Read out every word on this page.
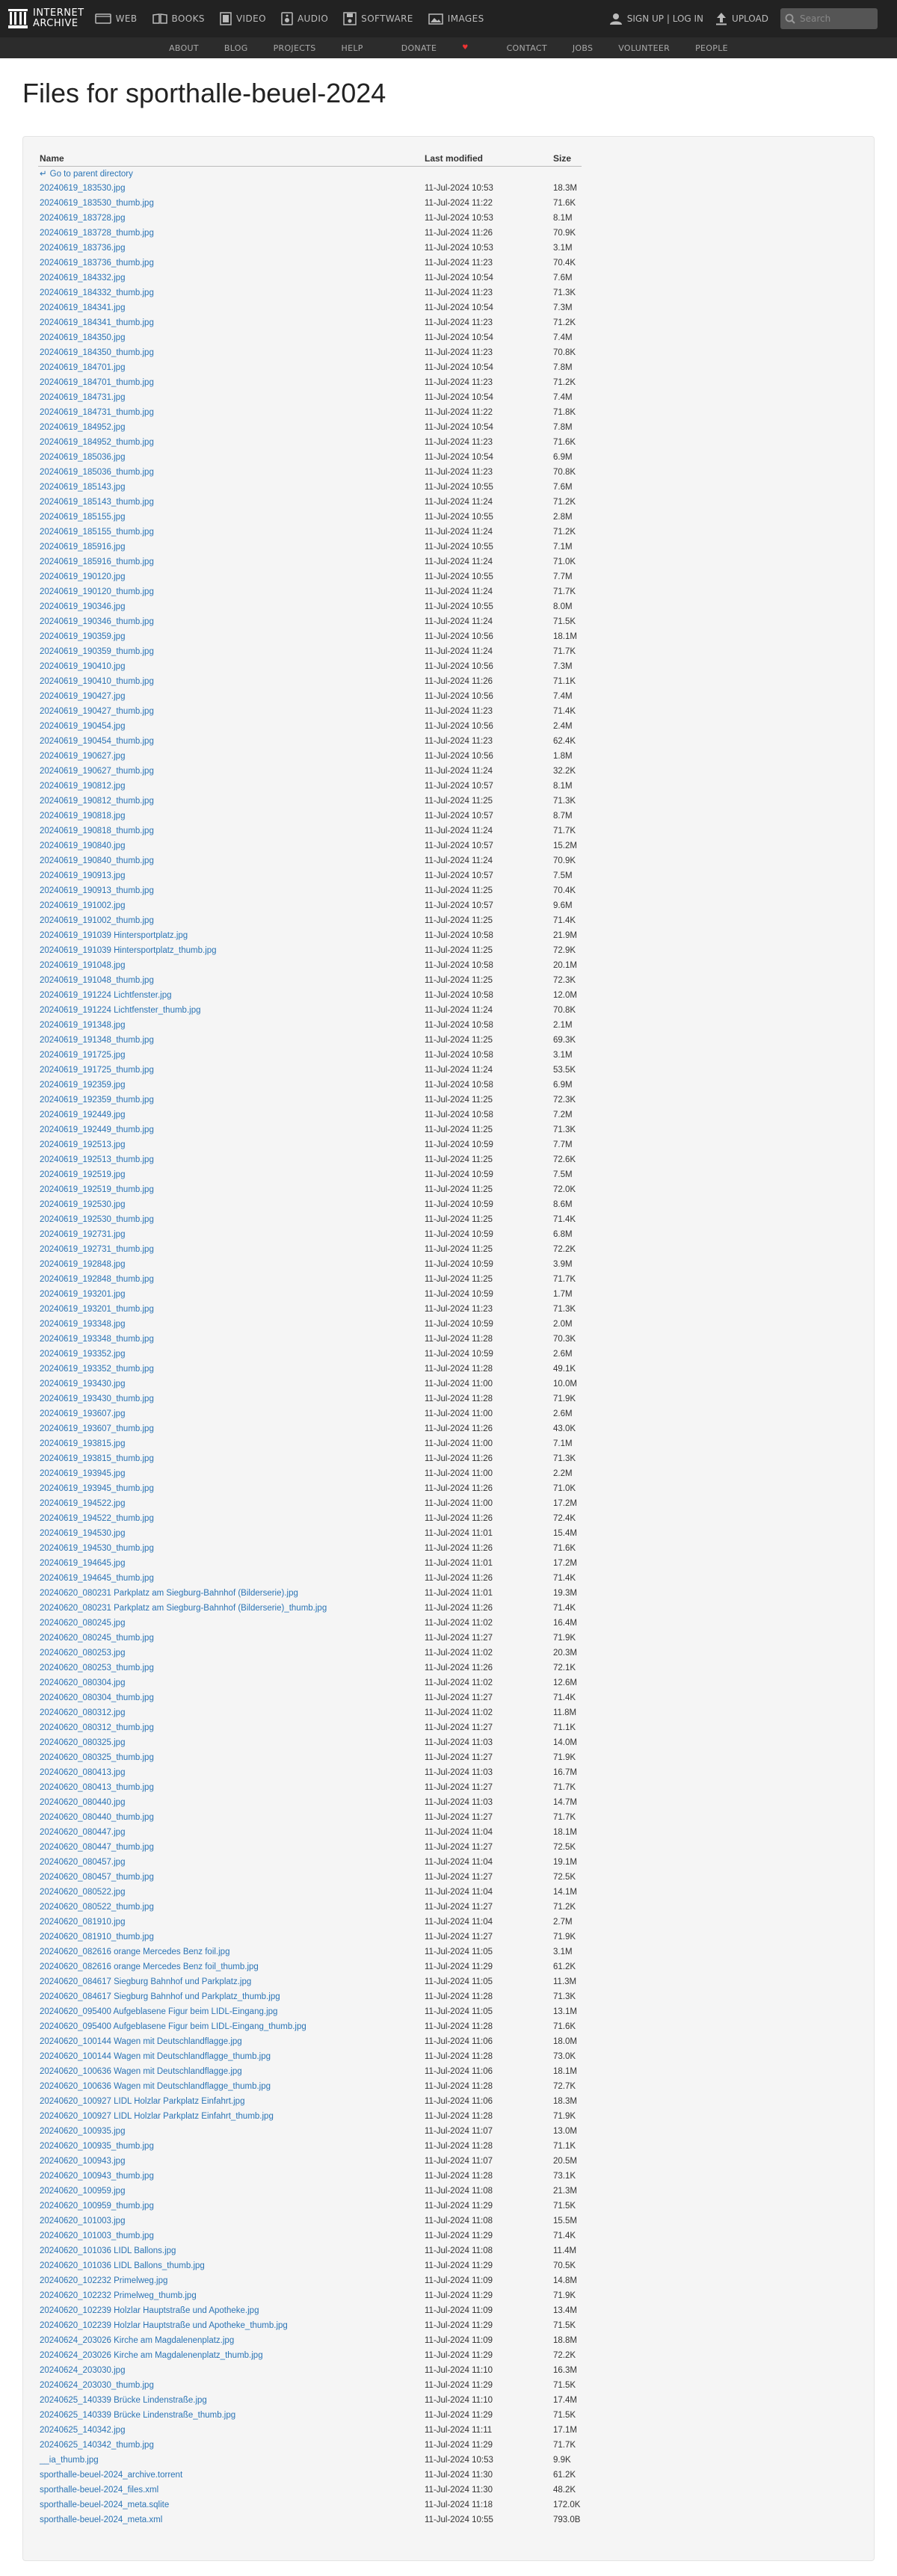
INTERNET
ARCHIVE	WEB	BOOKS	VIDEO	AUDIO	SOFTWARE	IMAGES	SIGN UP | LOG IN	UPLOAD	Search
ABOUT	BLOG	PROJECTS	HELP	DONATE	♥	CONTACT	JOBS	VOLUNTEER	PEOPLE
Files for sporthalle-beuel-2024
Name	Last modified	Size
↵ Go to parent directory		
20240619_183530.jpg	11-Jul-2024 10:53	18.3M
20240619_183530_thumb.jpg	11-Jul-2024 11:22	71.6K
20240619_183728.jpg	11-Jul-2024 10:53	8.1M
20240619_183728_thumb.jpg	11-Jul-2024 11:26	70.9K
20240619_183736.jpg	11-Jul-2024 10:53	3.1M
20240619_183736_thumb.jpg	11-Jul-2024 11:23	70.4K
20240619_184332.jpg	11-Jul-2024 10:54	7.6M
20240619_184332_thumb.jpg	11-Jul-2024 11:23	71.3K
20240619_184341.jpg	11-Jul-2024 10:54	7.3M
20240619_184341_thumb.jpg	11-Jul-2024 11:23	71.2K
20240619_184350.jpg	11-Jul-2024 10:54	7.4M
20240619_184350_thumb.jpg	11-Jul-2024 11:23	70.8K
20240619_184701.jpg	11-Jul-2024 10:54	7.8M
20240619_184701_thumb.jpg	11-Jul-2024 11:23	71.2K
20240619_184731.jpg	11-Jul-2024 10:54	7.4M
20240619_184731_thumb.jpg	11-Jul-2024 11:22	71.8K
20240619_184952.jpg	11-Jul-2024 10:54	7.8M
20240619_184952_thumb.jpg	11-Jul-2024 11:23	71.6K
20240619_185036.jpg	11-Jul-2024 10:54	6.9M
20240619_185036_thumb.jpg	11-Jul-2024 11:23	70.8K
20240619_185143.jpg	11-Jul-2024 10:55	7.6M
20240619_185143_thumb.jpg	11-Jul-2024 11:24	71.2K
20240619_185155.jpg	11-Jul-2024 10:55	2.8M
20240619_185155_thumb.jpg	11-Jul-2024 11:24	71.2K
20240619_185916.jpg	11-Jul-2024 10:55	7.1M
20240619_185916_thumb.jpg	11-Jul-2024 11:24	71.0K
20240619_190120.jpg	11-Jul-2024 10:55	7.7M
20240619_190120_thumb.jpg	11-Jul-2024 11:24	71.7K
20240619_190346.jpg	11-Jul-2024 10:55	8.0M
20240619_190346_thumb.jpg	11-Jul-2024 11:24	71.5K
20240619_190359.jpg	11-Jul-2024 10:56	18.1M
20240619_190359_thumb.jpg	11-Jul-2024 11:24	71.7K
20240619_190410.jpg	11-Jul-2024 10:56	7.3M
20240619_190410_thumb.jpg	11-Jul-2024 11:26	71.1K
20240619_190427.jpg	11-Jul-2024 10:56	7.4M
20240619_190427_thumb.jpg	11-Jul-2024 11:23	71.4K
20240619_190454.jpg	11-Jul-2024 10:56	2.4M
20240619_190454_thumb.jpg	11-Jul-2024 11:23	62.4K
20240619_190627.jpg	11-Jul-2024 10:56	1.8M
20240619_190627_thumb.jpg	11-Jul-2024 11:24	32.2K
20240619_190812.jpg	11-Jul-2024 10:57	8.1M
20240619_190812_thumb.jpg	11-Jul-2024 11:25	71.3K
20240619_190818.jpg	11-Jul-2024 10:57	8.7M
20240619_190818_thumb.jpg	11-Jul-2024 11:24	71.7K
20240619_190840.jpg	11-Jul-2024 10:57	15.2M
20240619_190840_thumb.jpg	11-Jul-2024 11:24	70.9K
20240619_190913.jpg	11-Jul-2024 10:57	7.5M
20240619_190913_thumb.jpg	11-Jul-2024 11:25	70.4K
20240619_191002.jpg	11-Jul-2024 10:57	9.6M
20240619_191002_thumb.jpg	11-Jul-2024 11:25	71.4K
20240619_191039 Hintersportplatz.jpg	11-Jul-2024 10:58	21.9M
20240619_191039 Hintersportplatz_thumb.jpg	11-Jul-2024 11:25	72.9K
20240619_191048.jpg	11-Jul-2024 10:58	20.1M
20240619_191048_thumb.jpg	11-Jul-2024 11:25	72.3K
20240619_191224 Lichtfenster.jpg	11-Jul-2024 10:58	12.0M
20240619_191224 Lichtfenster_thumb.jpg	11-Jul-2024 11:24	70.8K
20240619_191348.jpg	11-Jul-2024 10:58	2.1M
20240619_191348_thumb.jpg	11-Jul-2024 11:25	69.3K
20240619_191725.jpg	11-Jul-2024 10:58	3.1M
20240619_191725_thumb.jpg	11-Jul-2024 11:24	53.5K
20240619_192359.jpg	11-Jul-2024 10:58	6.9M
20240619_192359_thumb.jpg	11-Jul-2024 11:25	72.3K
20240619_192449.jpg	11-Jul-2024 10:58	7.2M
20240619_192449_thumb.jpg	11-Jul-2024 11:25	71.3K
20240619_192513.jpg	11-Jul-2024 10:59	7.7M
20240619_192513_thumb.jpg	11-Jul-2024 11:25	72.6K
20240619_192519.jpg	11-Jul-2024 10:59	7.5M
20240619_192519_thumb.jpg	11-Jul-2024 11:25	72.0K
20240619_192530.jpg	11-Jul-2024 10:59	8.6M
20240619_192530_thumb.jpg	11-Jul-2024 11:25	71.4K
20240619_192731.jpg	11-Jul-2024 10:59	6.8M
20240619_192731_thumb.jpg	11-Jul-2024 11:25	72.2K
20240619_192848.jpg	11-Jul-2024 10:59	3.9M
20240619_192848_thumb.jpg	11-Jul-2024 11:25	71.7K
20240619_193201.jpg	11-Jul-2024 10:59	1.7M
20240619_193201_thumb.jpg	11-Jul-2024 11:23	71.3K
20240619_193348.jpg	11-Jul-2024 10:59	2.0M
20240619_193348_thumb.jpg	11-Jul-2024 11:28	70.3K
20240619_193352.jpg	11-Jul-2024 10:59	2.6M
20240619_193352_thumb.jpg	11-Jul-2024 11:28	49.1K
20240619_193430.jpg	11-Jul-2024 11:00	10.0M
20240619_193430_thumb.jpg	11-Jul-2024 11:28	71.9K
20240619_193607.jpg	11-Jul-2024 11:00	2.6M
20240619_193607_thumb.jpg	11-Jul-2024 11:26	43.0K
20240619_193815.jpg	11-Jul-2024 11:00	7.1M
20240619_193815_thumb.jpg	11-Jul-2024 11:26	71.3K
20240619_193945.jpg	11-Jul-2024 11:00	2.2M
20240619_193945_thumb.jpg	11-Jul-2024 11:26	71.0K
20240619_194522.jpg	11-Jul-2024 11:00	17.2M
20240619_194522_thumb.jpg	11-Jul-2024 11:26	72.4K
20240619_194530.jpg	11-Jul-2024 11:01	15.4M
20240619_194530_thumb.jpg	11-Jul-2024 11:26	71.6K
20240619_194645.jpg	11-Jul-2024 11:01	17.2M
20240619_194645_thumb.jpg	11-Jul-2024 11:26	71.4K
20240620_080231 Parkplatz am Siegburg-Bahnhof (Bilderserie).jpg	11-Jul-2024 11:01	19.3M
20240620_080231 Parkplatz am Siegburg-Bahnhof (Bilderserie)_thumb.jpg	11-Jul-2024 11:26	71.4K
20240620_080245.jpg	11-Jul-2024 11:02	16.4M
20240620_080245_thumb.jpg	11-Jul-2024 11:27	71.9K
20240620_080253.jpg	11-Jul-2024 11:02	20.3M
20240620_080253_thumb.jpg	11-Jul-2024 11:26	72.1K
20240620_080304.jpg	11-Jul-2024 11:02	12.6M
20240620_080304_thumb.jpg	11-Jul-2024 11:27	71.4K
20240620_080312.jpg	11-Jul-2024 11:02	11.8M
20240620_080312_thumb.jpg	11-Jul-2024 11:27	71.1K
20240620_080325.jpg	11-Jul-2024 11:03	14.0M
20240620_080325_thumb.jpg	11-Jul-2024 11:27	71.9K
20240620_080413.jpg	11-Jul-2024 11:03	16.7M
20240620_080413_thumb.jpg	11-Jul-2024 11:27	71.7K
20240620_080440.jpg	11-Jul-2024 11:03	14.7M
20240620_080440_thumb.jpg	11-Jul-2024 11:27	71.7K
20240620_080447.jpg	11-Jul-2024 11:04	18.1M
20240620_080447_thumb.jpg	11-Jul-2024 11:27	72.5K
20240620_080457.jpg	11-Jul-2024 11:04	19.1M
20240620_080457_thumb.jpg	11-Jul-2024 11:27	72.5K
20240620_080522.jpg	11-Jul-2024 11:04	14.1M
20240620_080522_thumb.jpg	11-Jul-2024 11:27	71.2K
20240620_081910.jpg	11-Jul-2024 11:04	2.7M
20240620_081910_thumb.jpg	11-Jul-2024 11:27	71.9K
20240620_082616 orange Mercedes Benz foil.jpg	11-Jul-2024 11:05	3.1M
20240620_082616 orange Mercedes Benz foil_thumb.jpg	11-Jul-2024 11:29	61.2K
20240620_084617 Siegburg Bahnhof und Parkplatz.jpg	11-Jul-2024 11:05	11.3M
20240620_084617 Siegburg Bahnhof und Parkplatz_thumb.jpg	11-Jul-2024 11:28	71.3K
20240620_095400 Aufgeblasene Figur beim LIDL-Eingang.jpg	11-Jul-2024 11:05	13.1M
20240620_095400 Aufgeblasene Figur beim LIDL-Eingang_thumb.jpg	11-Jul-2024 11:28	71.6K
20240620_100144 Wagen mit Deutschlandflagge.jpg	11-Jul-2024 11:06	18.0M
20240620_100144 Wagen mit Deutschlandflagge_thumb.jpg	11-Jul-2024 11:28	73.0K
20240620_100636 Wagen mit Deutschlandflagge.jpg	11-Jul-2024 11:06	18.1M
20240620_100636 Wagen mit Deutschlandflagge_thumb.jpg	11-Jul-2024 11:28	72.7K
20240620_100927 LIDL Holzlar Parkplatz Einfahrt.jpg	11-Jul-2024 11:06	18.3M
20240620_100927 LIDL Holzlar Parkplatz Einfahrt_thumb.jpg	11-Jul-2024 11:28	71.9K
20240620_100935.jpg	11-Jul-2024 11:07	13.0M
20240620_100935_thumb.jpg	11-Jul-2024 11:28	71.1K
20240620_100943.jpg	11-Jul-2024 11:07	20.5M
20240620_100943_thumb.jpg	11-Jul-2024 11:28	73.1K
20240620_100959.jpg	11-Jul-2024 11:08	21.3M
20240620_100959_thumb.jpg	11-Jul-2024 11:29	71.5K
20240620_101003.jpg	11-Jul-2024 11:08	15.5M
20240620_101003_thumb.jpg	11-Jul-2024 11:29	71.4K
20240620_101036 LIDL Ballons.jpg	11-Jul-2024 11:08	11.4M
20240620_101036 LIDL Ballons_thumb.jpg	11-Jul-2024 11:29	70.5K
20240620_102232 Primelweg.jpg	11-Jul-2024 11:09	14.8M
20240620_102232 Primelweg_thumb.jpg	11-Jul-2024 11:29	71.9K
20240620_102239 Holzlar Hauptstraße und Apotheke.jpg	11-Jul-2024 11:09	13.4M
20240620_102239 Holzlar Hauptstraße und Apotheke_thumb.jpg	11-Jul-2024 11:29	71.5K
20240624_203026 Kirche am Magdalenenplatz.jpg	11-Jul-2024 11:09	18.8M
20240624_203026 Kirche am Magdalenenplatz_thumb.jpg	11-Jul-2024 11:29	72.2K
20240624_203030.jpg	11-Jul-2024 11:10	16.3M
20240624_203030_thumb.jpg	11-Jul-2024 11:29	71.5K
20240625_140339 Brücke Lindenstraße.jpg	11-Jul-2024 11:10	17.4M
20240625_140339 Brücke Lindenstraße_thumb.jpg	11-Jul-2024 11:29	71.5K
20240625_140342.jpg	11-Jul-2024 11:11	17.1M
20240625_140342_thumb.jpg	11-Jul-2024 11:29	71.7K
__ia_thumb.jpg	11-Jul-2024 10:53	9.9K
sporthalle-beuel-2024_archive.torrent	11-Jul-2024 11:30	61.2K
sporthalle-beuel-2024_files.xml	11-Jul-2024 11:30	48.2K
sporthalle-beuel-2024_meta.sqlite	11-Jul-2024 11:18	172.0K
sporthalle-beuel-2024_meta.xml	11-Jul-2024 10:55	793.0B
